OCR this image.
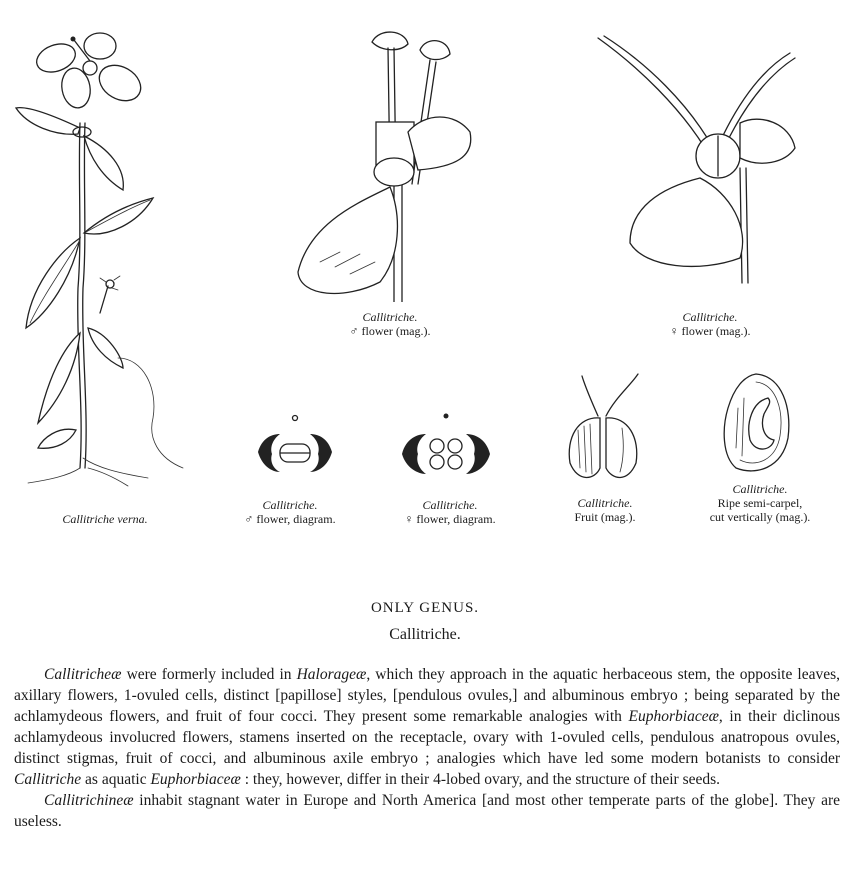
Callitriche verna.
Callitriche.
♂ flower (mag.).
Callitriche.
♀ flower (mag.).
Callitriche.
♂ flower, diagram.
Callitriche.
♀ flower, diagram.
Callitriche.
Fruit (mag.).
Callitriche.
Ripe semi-carpel,
cut vertically (mag.).
ONLY GENUS.
Callitriche.

Callitricheæ were formerly included in Halorageæ, which they approach in the aquatic herbaceous stem, the opposite leaves, axillary flowers, 1-ovuled cells, distinct [papillose] styles, [pendulous ovules,] and albuminous embryo ; being separated by the achlamydeous flowers, and fruit of four cocci. They present some remarkable analogies with Euphorbiaceæ, in their diclinous achlamydeous involucred flowers, stamens inserted on the receptacle, ovary with 1-ovuled cells, pendulous anatropous ovules, distinct stigmas, fruit of cocci, and albuminous axile embryo ; analogies which have led some modern botanists to consider Callitriche as aquatic Euphorbiaceæ : they, however, differ in their 4-lobed ovary, and the structure of their seeds.

Callitrichineæ inhabit stagnant water in Europe and North America [and most other temperate parts of the globe]. They are useless.
